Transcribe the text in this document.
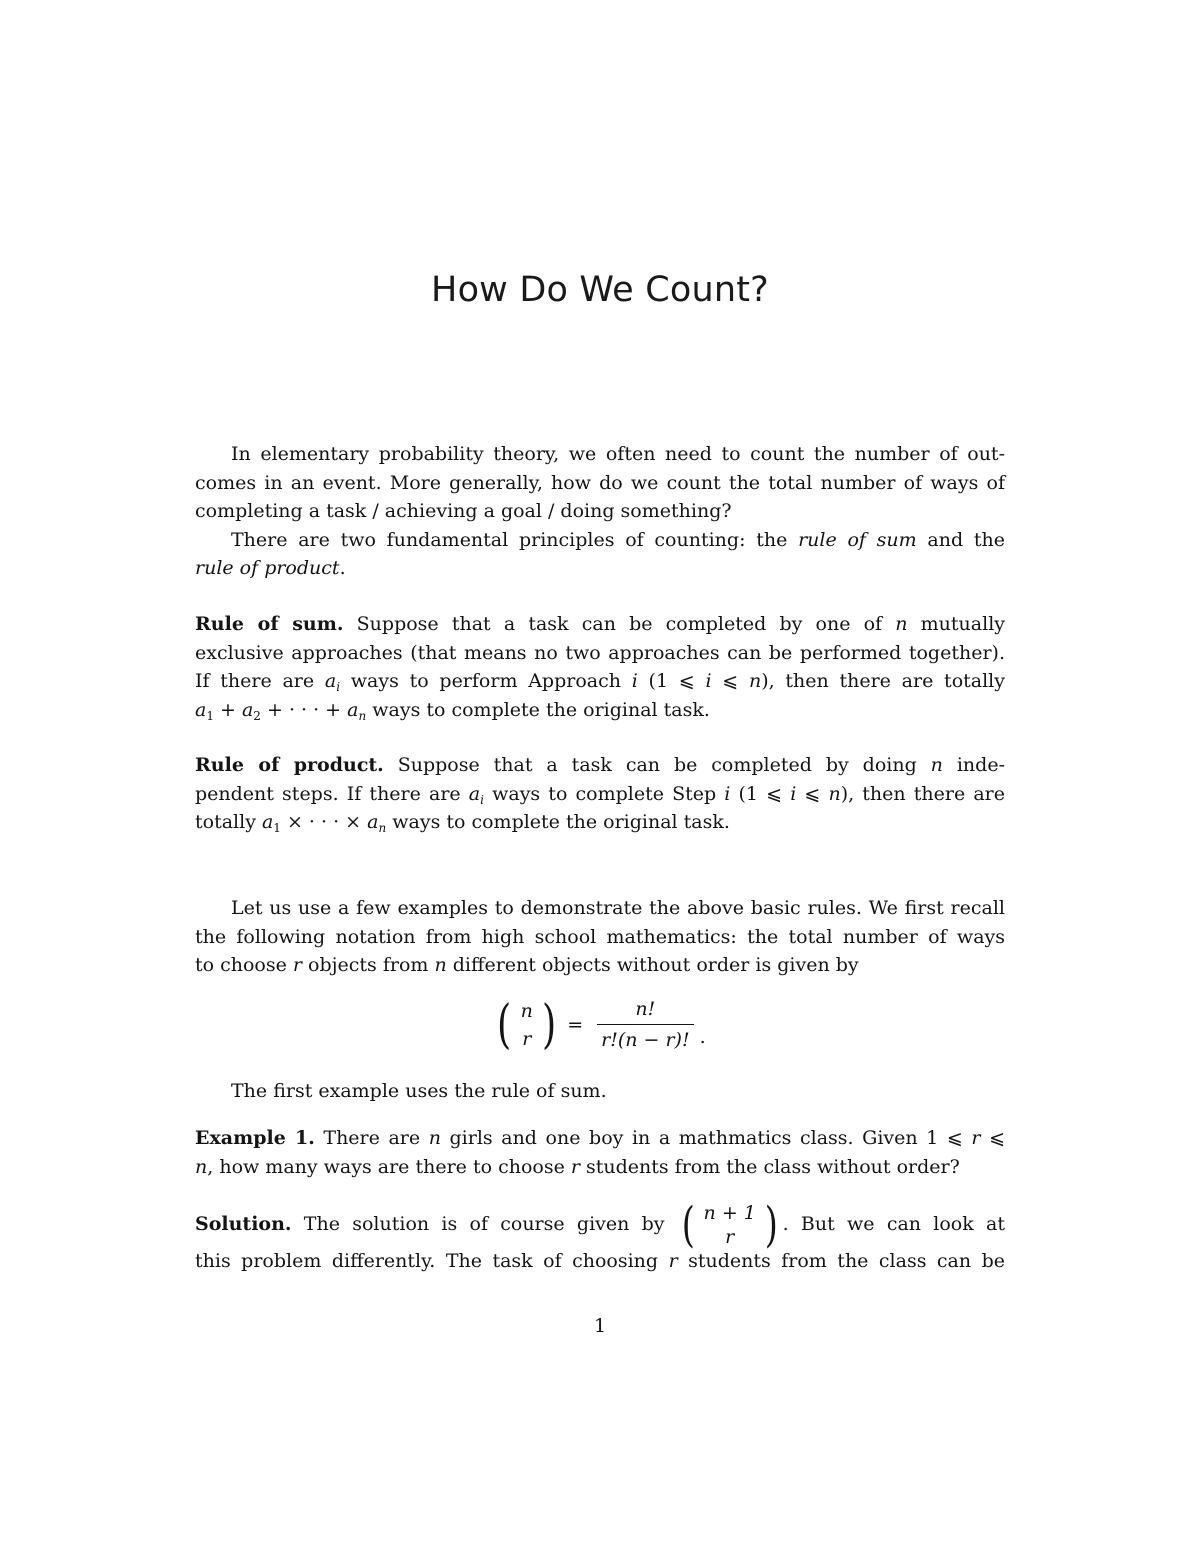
How Do We Count?
In elementary probability theory, we often need to count the number of out-
comes in an event. More generally, how do we count the total number of ways of
completing a task / achieving a goal / doing something?
There are two fundamental principles of counting: the rule of sum and the
rule of product.
Rule of sum. Suppose that a task can be completed by one of n mutually
exclusive approaches (that means no two approaches can be performed together).
If there are $a_i$ ways to perform Approach i (1 ⩽ i ⩽ n), then there are totally
$a_1 + a_2$ + · · · + $a_n$ ways to complete the original task.
Rule of product. Suppose that a task can be completed by doing n inde-
pendent steps. If there are $a_i$ ways to complete Step i (1 ⩽ i ⩽ n), then there are
totally $a_1$ × · · · × $a_n$ ways to complete the original task.
Let us use a few examples to demonstrate the above basic rules. We first recall
the following notation from high school mathematics: the total number of ways
to choose r objects from n different objects without order is given by
( n
r ) = $\frac{n!}{r!(n - r)!}$ .
The first example uses the rule of sum.
Example 1. There are n girls and one boy in a mathmatics class. Given 1 ⩽ r ⩽
n, how many ways are there to choose r students from the class without order?
Solution. The solution is of course given by ( n + 1
r ) . But we can look at
this problem differently. The task of choosing r students from the class can be
1
